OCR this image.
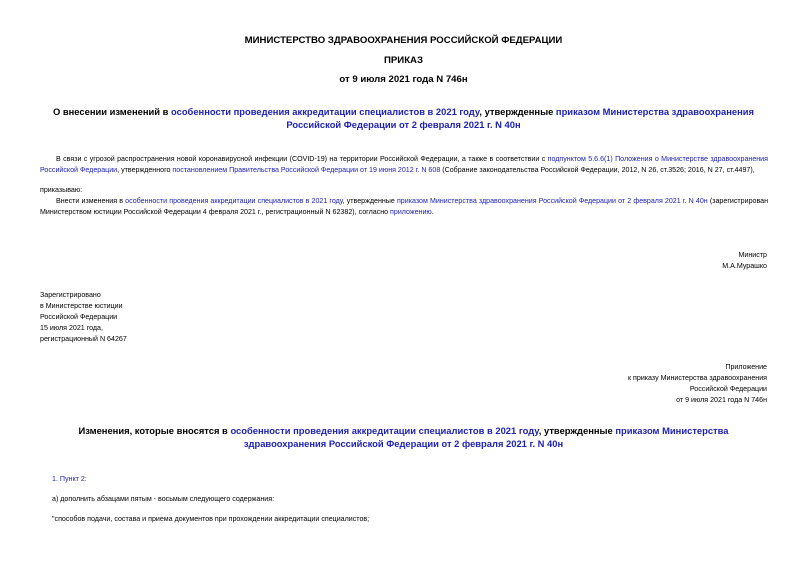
МИНИСТЕРСТВО ЗДРАВООХРАНЕНИЯ РОССИЙСКОЙ ФЕДЕРАЦИИ

ПРИКАЗ

от 9 июля 2021 года N 746н

О внесении изменений в особенности проведения аккредитации специалистов в 2021 году, утвержденные приказом Министерства здравоохранения Российской Федерации от 2 февраля 2021 г. N 40н

В связи с угрозой распространения новой коронавирусной инфекции (COVID-19) на территории Российской Федерации, а также в соответствии с подпунктом 5.6.6(1) Положения о Министерстве здравоохранения Российской Федерации, утвержденного постановлением Правительства Российской Федерации от 19 июня 2012 г. N 608 (Собрание законодательства Российской Федерации, 2012, N 26, ст.3526; 2016, N 27, ст.4497),

приказываю:

Внести изменения в особенности проведения аккредитации специалистов в 2021 году, утвержденные приказом Министерства здравоохранения Российской Федерации от 2 февраля 2021 г. N 40н (зарегистрирован Министерством юстиции Российской Федерации 4 февраля 2021 г., регистрационный N 62382), согласно приложению.

Министр
М.А.Мурашко
Зарегистрировано
в Министерстве юстиции
Российской Федерации
15 июля 2021 года,
регистрационный N 64267
Приложение
к приказу Министерства здравоохранения
Российской Федерации
от 9 июля 2021 года N 746н

Изменения, которые вносятся в особенности проведения аккредитации специалистов в 2021 году, утвержденные приказом Министерства здравоохранения Российской Федерации от 2 февраля 2021 г. N 40н

1. Пункт 2:

а) дополнить абзацами пятым - восьмым следующего содержания:

"способов подачи, состава и приема документов при прохождении аккредитации специалистов;
